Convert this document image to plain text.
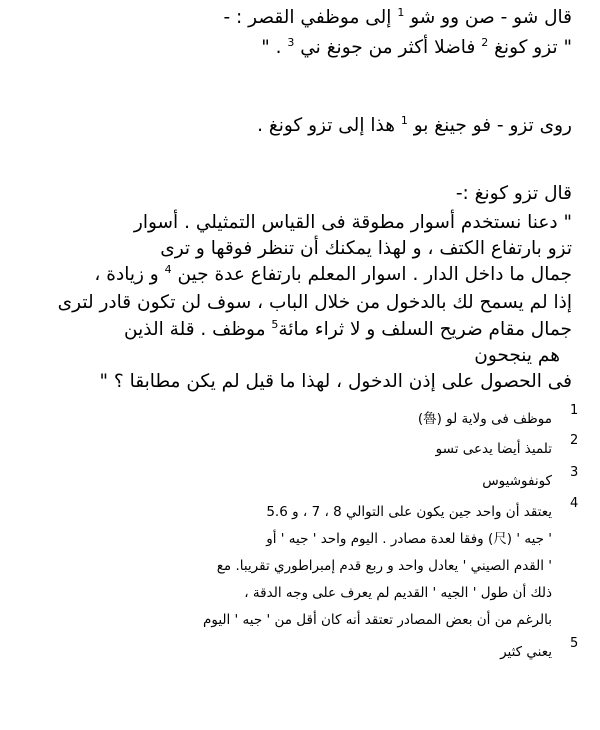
قال شو - صن وو شو $^1$ إلى موظفي القصر : -
" تزو كونغ $^2$ فاضلا أكثر من جونغ ني $^3$ . "
روى تزو - فو جينغ بو $^1$ هذا إلى تزو كونغ .
قال تزو كونغ :-
" دعنا نستخدم أسوار مطوقة فى القياس التمثيلي . أسوار
تزو بارتفاع الكتف ، و لهذا يمكنك أن تنظر فوقها و ترى
جمال ما داخل الدار . اسوار المعلم بارتفاع عدة جين $^4$ و زيادة ،
إذا لم يسمح لك بالدخول من خلال الباب ، سوف لن تكون قادر لترى
جمال مقام ضريح السلف و لا ثراء مائة$^5$ موظف . قلة الذين
هم ينجحون
فى الحصول على إذن الدخول ، لهذا ما قيل لم يكن مطابقا ؟ "
1
موظف فى ولاية لو (魯)
2
تلميذ أيضا يدعى تسو
3
كونفوشيوس
4
يعتقد أن واحد جين يكون على التوالي 8 ، 7 ، و 5.6
' جيه ' (尺) وفقا لعدة مصادر . اليوم واحد ' جيه ' أو
' القدم الصيني ' يعادل واحد و ربع قدم إمبراطوري تقريبا. مع
ذلك أن طول ' الجيه ' القديم لم يعرف على وجه الدقة ،
بالرغم من أن بعض المصادر تعتقد أنه كان أقل من ' جيه ' اليوم
5
يعني كثير
